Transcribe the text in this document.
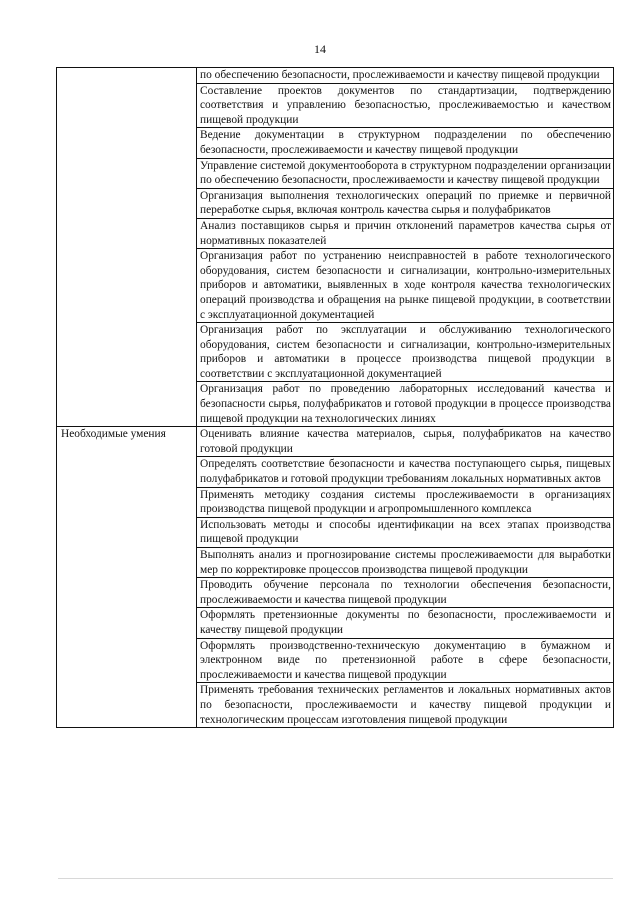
14
	по обеспечению безопасности, прослеживаемости и качеству пищевой продукции
	Составление проектов документов по стандартизации, подтверждению соответствия и управлению безопасностью, прослеживаемостью и качеством пищевой продукции
	Ведение документации в структурном подразделении по обеспечению безопасности, прослеживаемости и качеству пищевой продукции
	Управление системой документооборота в структурном подразделении организации по обеспечению безопасности, прослеживаемости и качеству пищевой продукции
	Организация выполнения технологических операций по приемке и первичной переработке сырья, включая контроль качества сырья и полуфабрикатов
	Анализ поставщиков сырья и причин отклонений параметров качества сырья от нормативных показателей
	Организация работ по устранению неисправностей в работе технологического оборудования, систем безопасности и сигнализации, контрольно-измерительных приборов и автоматики, выявленных в ходе контроля качества технологических операций производства и обращения на рынке пищевой продукции, в соответствии с эксплуатационной документацией
	Организация работ по эксплуатации и обслуживанию технологического оборудования, систем безопасности и сигнализации, контрольно-измерительных приборов и автоматики в процессе производства пищевой продукции в соответствии с эксплуатационной документацией
	Организация работ по проведению лабораторных исследований качества и безопасности сырья, полуфабрикатов и готовой продукции в процессе производства пищевой продукции на технологических линиях
Необходимые умения	Оценивать влияние качества материалов, сырья, полуфабрикатов на качество готовой продукции
	Определять соответствие безопасности и качества поступающего сырья, пищевых полуфабрикатов и готовой продукции требованиям локальных нормативных актов
	Применять методику создания системы прослеживаемости в организациях производства пищевой продукции и агропромышленного комплекса
	Использовать методы и способы идентификации на всех этапах производства пищевой продукции
	Выполнять анализ и прогнозирование системы прослеживаемости для выработки мер по корректировке процессов производства пищевой продукции
	Проводить обучение персонала по технологии обеспечения безопасности, прослеживаемости и качества пищевой продукции
	Оформлять претензионные документы по безопасности, прослеживаемости и качеству пищевой продукции
	Оформлять производственно-техническую документацию в бумажном и электронном виде по претензионной работе в сфере безопасности, прослеживаемости и качества пищевой продукции
	Применять требования технических регламентов и локальных нормативных актов по безопасности, прослеживаемости и качеству пищевой продукции и технологическим процессам изготовления пищевой продукции
